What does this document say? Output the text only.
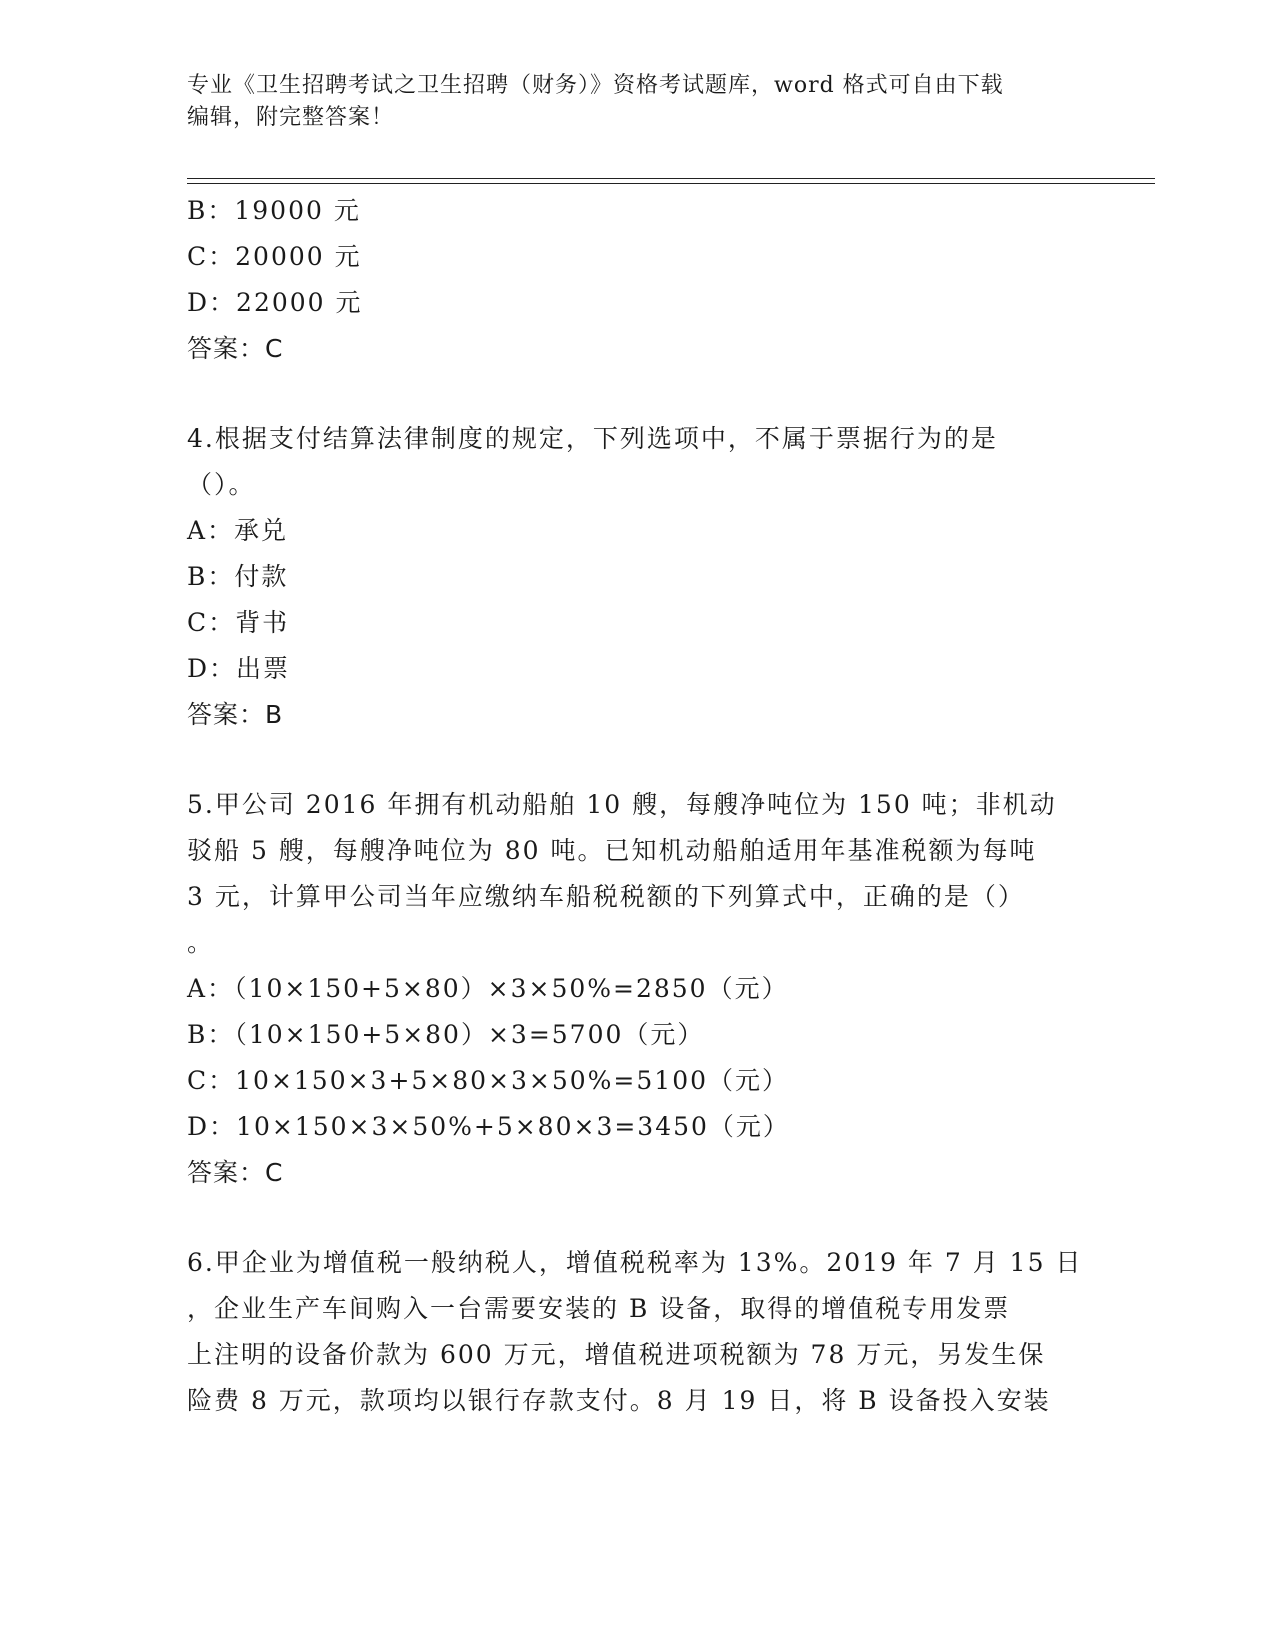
专业《卫生招聘考试之卫生招聘（财务）》资格考试题库，word 格式可自由下载
编辑，附完整答案！
B：19000 元
C：20000 元
D：22000 元
答案：C
4.根据支付结算法律制度的规定，下列选项中，不属于票据行为的是
（）。
A：承兑
B：付款
C：背书
D：出票
答案：B
5.甲公司 2016 年拥有机动船舶 10 艘，每艘净吨位为 150 吨；非机动
驳船 5 艘，每艘净吨位为 80 吨。已知机动船舶适用年基准税额为每吨
3 元，计算甲公司当年应缴纳车船税税额的下列算式中，正确的是（）
。
A：（10×150+5×80）×3×50%=2850（元）
B：（10×150+5×80）×3=5700（元）
C：10×150×3+5×80×3×50%=5100（元）
D：10×150×3×50%+5×80×3=3450（元）
答案：C
6.甲企业为增值税一般纳税人，增值税税率为 13%。2019 年 7 月 15 日
，企业生产车间购入一台需要安装的 B 设备，取得的增值税专用发票
上注明的设备价款为 600 万元，增值税进项税额为 78 万元，另发生保
险费 8 万元，款项均以银行存款支付。8 月 19 日，将 B 设备投入安装
